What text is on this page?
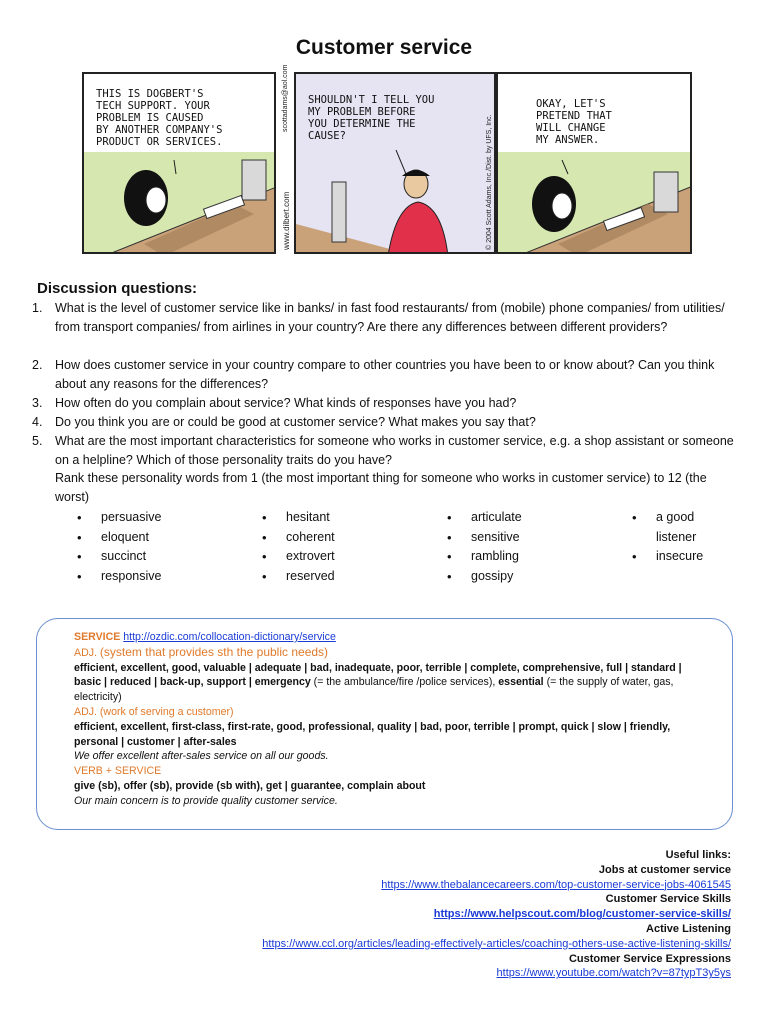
Customer service
THIS IS DOGBERT'S
TECH SUPPORT. YOUR
PROBLEM IS CAUSED
BY ANOTHER COMPANY'S
PRODUCT OR SERVICES.
www.dilbert.com
scottadams@aol.com SHOULDN'T I TELL YOU
MY PROBLEM BEFORE
YOU DETERMINE THE
CAUSE?	© 2004 Scott Adams, Inc./Dist. by UFS, Inc.
OKAY, LET'S
PRETEND THAT
WILL CHANGE
MY ANSWER.
Discussion questions:
1. What is the level of customer service like in banks/ in fast food restaurants/ from (mobile) phone companies/ from utilities/ from transport companies/ from airlines in your country? Are there any differences between different providers?
2. How does customer service in your country compare to other countries you have been to or know about? Can you think about any reasons for the differences?
3. How often do you complain about service? What kinds of responses have you had?
4. Do you think you are or could be good at customer service? What makes you say that?
5. What are the most important characteristics for someone who works in customer service, e.g. a shop assistant or someone on a helpline? Which of those personality traits do you have?
Rank these personality words from 1 (the most important thing for someone who works in customer service) to 12 (the worst)
• persuasive
• eloquent
• succinct
• responsive
• hesitant
• coherent
• extrovert
• reserved
• articulate
• sensitive
• rambling
• gossipy
• a good listener
• insecure
SERVICE http://ozdic.com/collocation-dictionary/service
ADJ. (system that provides sth the public needs)
efficient, excellent, good, valuable | adequate | bad, inadequate, poor, terrible | complete, comprehensive, full | standard | basic | reduced | back-up, support | emergency (= the ambulance/fire /police services), essential (= the supply of water, gas, electricity)
ADJ. (work of serving a customer)
efficient, excellent, first-class, first-rate, good, professional, quality | bad, poor, terrible | prompt, quick | slow | friendly, personal | customer | after-sales
We offer excellent after-sales service on all our goods.
VERB + SERVICE
give (sb), offer (sb), provide (sb with), get | guarantee, complain about
Our main concern is to provide quality customer service.
Useful links:
Jobs at customer service
https://www.thebalancecareers.com/top-customer-service-jobs-4061545
Customer Service Skills
https://www.helpscout.com/blog/customer-service-skills/
Active Listening
https://www.ccl.org/articles/leading-effectively-articles/coaching-others-use-active-listening-skills/
Customer Service Expressions
https://www.youtube.com/watch?v=87typT3y5ys
